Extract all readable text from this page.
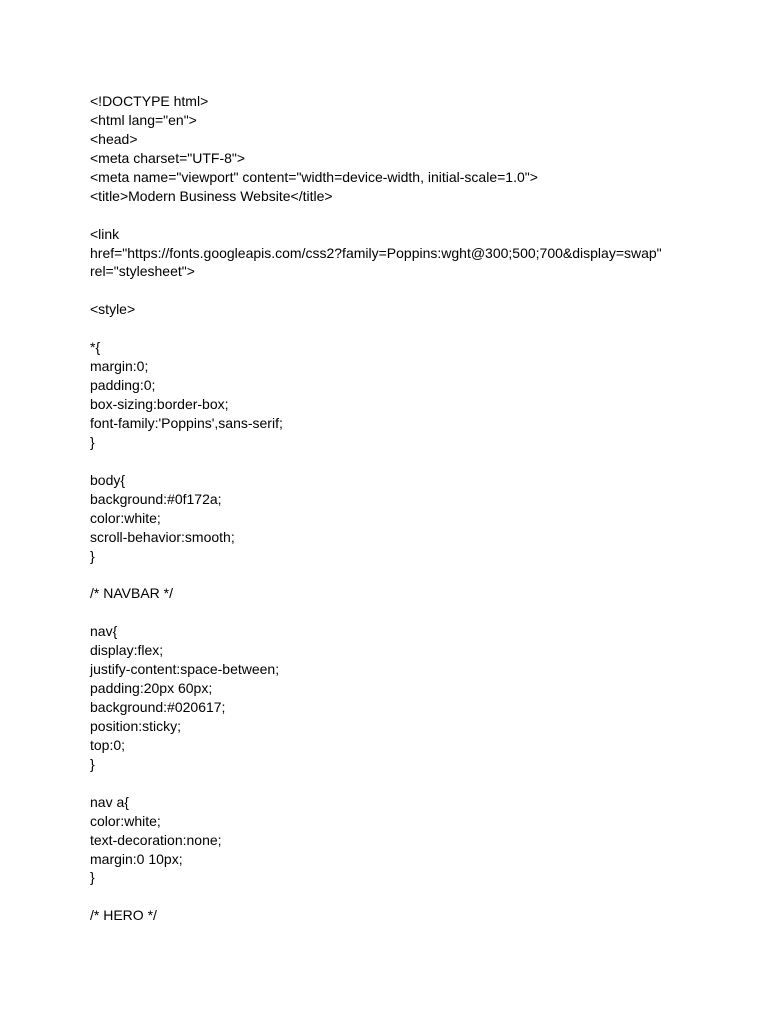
<!DOCTYPE html>
<html lang="en">
<head>
<meta charset="UTF-8">
<meta name="viewport" content="width=device-width, initial-scale=1.0">
<title>Modern Business Website</title>
<link
href="https://fonts.googleapis.com/css2?family=Poppins:wght@300;500;700&display=swap"
rel="stylesheet">
<style>
*{
margin:0;
padding:0;
box-sizing:border-box;
font-family:'Poppins',sans-serif;
}
body{
background:#0f172a;
color:white;
scroll-behavior:smooth;
}
/* NAVBAR */
nav{
display:flex;
justify-content:space-between;
padding:20px 60px;
background:#020617;
position:sticky;
top:0;
}
nav a{
color:white;
text-decoration:none;
margin:0 10px;
}
/* HERO */
